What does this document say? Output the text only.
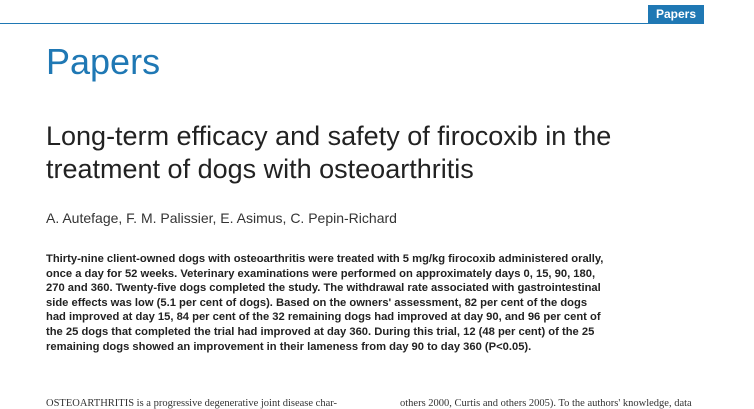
Papers
Papers
Long-term efficacy and safety of firocoxib in the treatment of dogs with osteoarthritis

A. Autefage, F. M. Palissier, E. Asimus, C. Pepin-Richard

Thirty-nine client-owned dogs with osteoarthritis were treated with 5 mg/kg firocoxib administered orally, once a day for 52 weeks. Veterinary examinations were performed on approximately days 0, 15, 90, 180, 270 and 360. Twenty-five dogs completed the study. The withdrawal rate associated with gastrointestinal side effects was low (5.1 per cent of dogs). Based on the owners' assessment, 82 per cent of the dogs had improved at day 15, 84 per cent of the 32 remaining dogs had improved at day 90, and 96 per cent of the 25 dogs that completed the trial had improved at day 360. During this trial, 12 (48 per cent) of the 25 remaining dogs showed an improvement in their lameness from day 90 to day 360 (P<0.05).

OSTEOARTHRITIS is a progressive degenerative joint disease char-	others 2000, Curtis and others 2005). To the authors' knowledge, data
